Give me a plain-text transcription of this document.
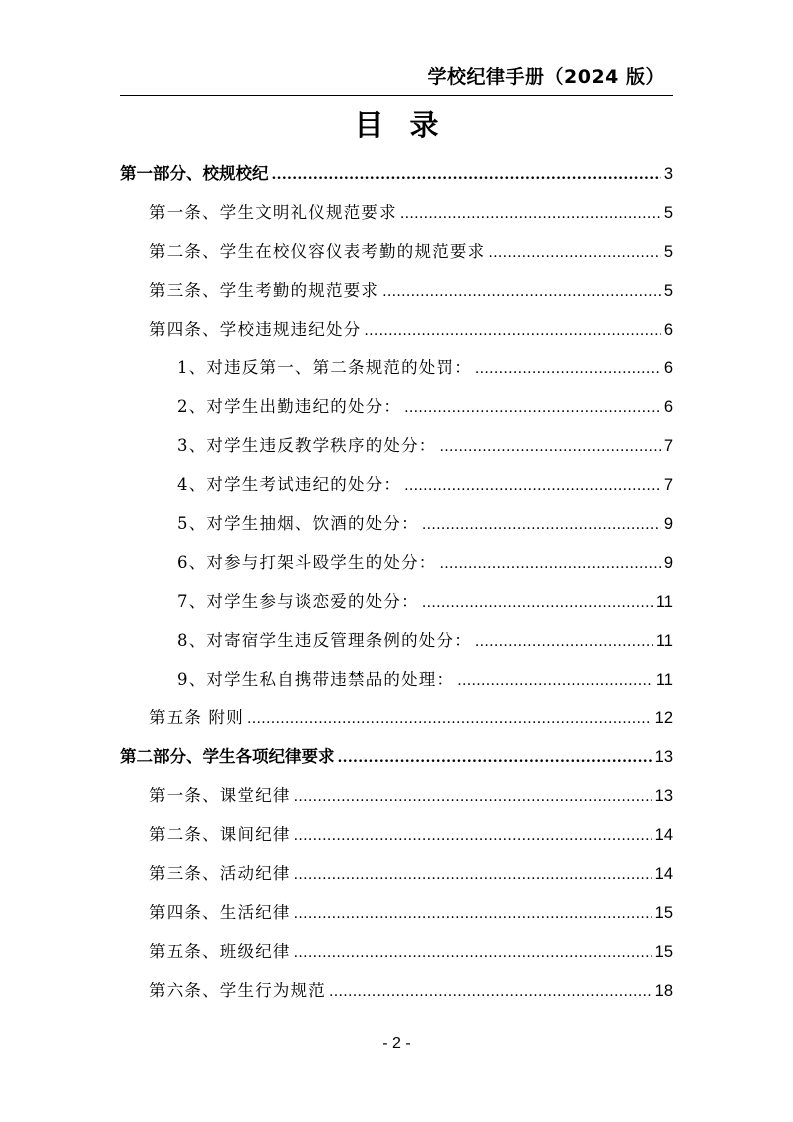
学校纪律手册（2024 版）
目录
第一部分、校规校纪 .....	3
第一条、学生文明礼仪规范要求 .....	5
第二条、学生在校仪容仪表考勤的规范要求 .....	5
第三条、学生考勤的规范要求 .....	5
第四条、学校违规违纪处分 .....	6
1、对违反第一、第二条规范的处罚： .....	6
2、对学生出勤违纪的处分： .....	6
3、对学生违反教学秩序的处分： .....	7
4、对学生考试违纪的处分： .....	7
5、对学生抽烟、饮酒的处分： .....	9
6、对参与打架斗殴学生的处分： .....	9
7、对学生参与谈恋爱的处分： .....	11
8、对寄宿学生违反管理条例的处分： .....	11
9、对学生私自携带违禁品的处理： .....	11
第五条 附则 .....	12
第二部分、学生各项纪律要求 .....	13
第一条、课堂纪律 .....	13
第二条、课间纪律 .....	14
第三条、活动纪律 .....	14
第四条、生活纪律 .....	15
第五条、班级纪律 .....	15
第六条、学生行为规范 .....	18
- 2 -
